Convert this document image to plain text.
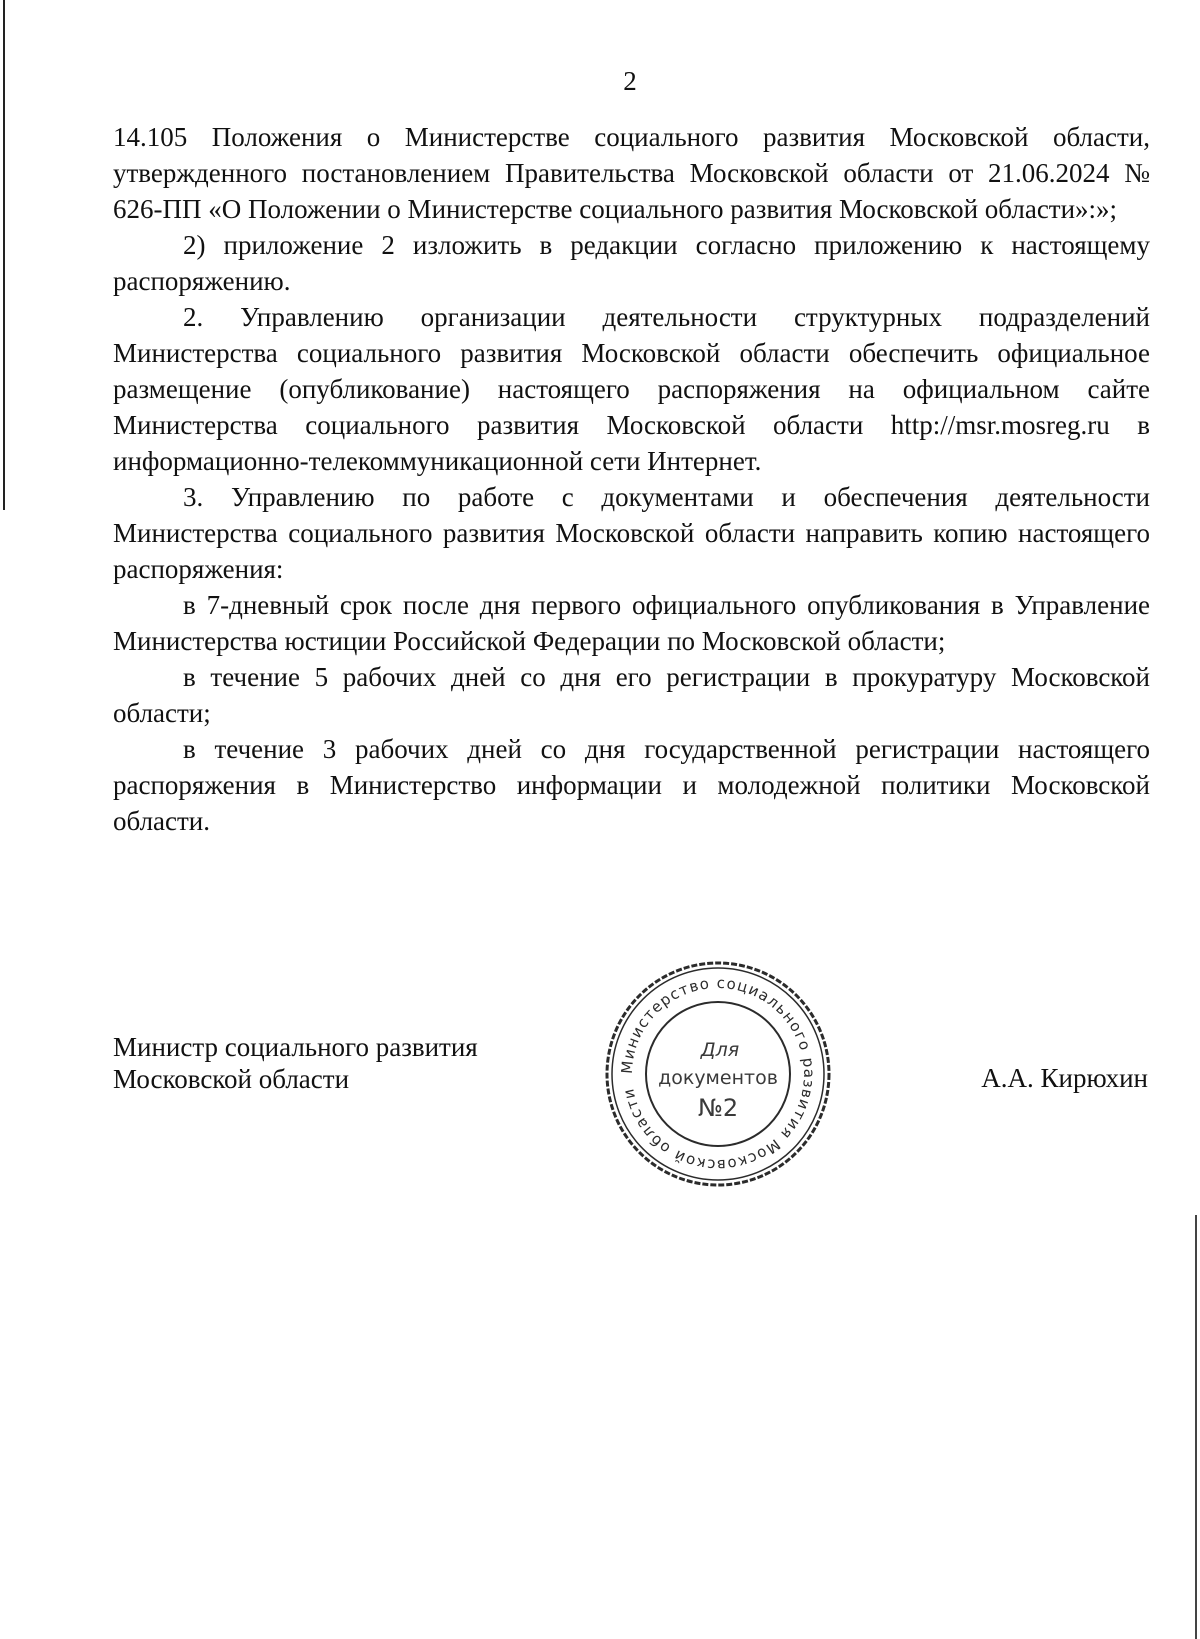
2

14.105 Положения о Министерстве социального развития Московской области, утвержденного постановлением Правительства Московской области от 21.06.2024 № 626-ПП «О Положении о Министерстве социального развития Московской области»:»;

2) приложение 2 изложить в редакции согласно приложению к настоящему распоряжению.

2. Управлению организации деятельности структурных подразделений Министерства социального развития Московской области обеспечить официальное размещение (опубликование) настоящего распоряжения на официальном сайте Министерства социального развития Московской области http://msr.mosreg.ru в информационно-телекоммуникационной сети Интернет.

3. Управлению по работе с документами и обеспечения деятельности Министерства социального развития Московской области направить копию настоящего распоряжения:

в 7-дневный срок после дня первого официального опубликования в Управление Министерства юстиции Российской Федерации по Московской области;

в течение 5 рабочих дней со дня его регистрации в прокуратуру Московской области;

в течение 3 рабочих дней со дня государственной регистрации настоящего распоряжения в Министерство информации и молодежной политики Московской области.

Министр социального развития
Московской области	Министерство социального развития Московской области
Для
документов
№2
А.А. Кирюхин
